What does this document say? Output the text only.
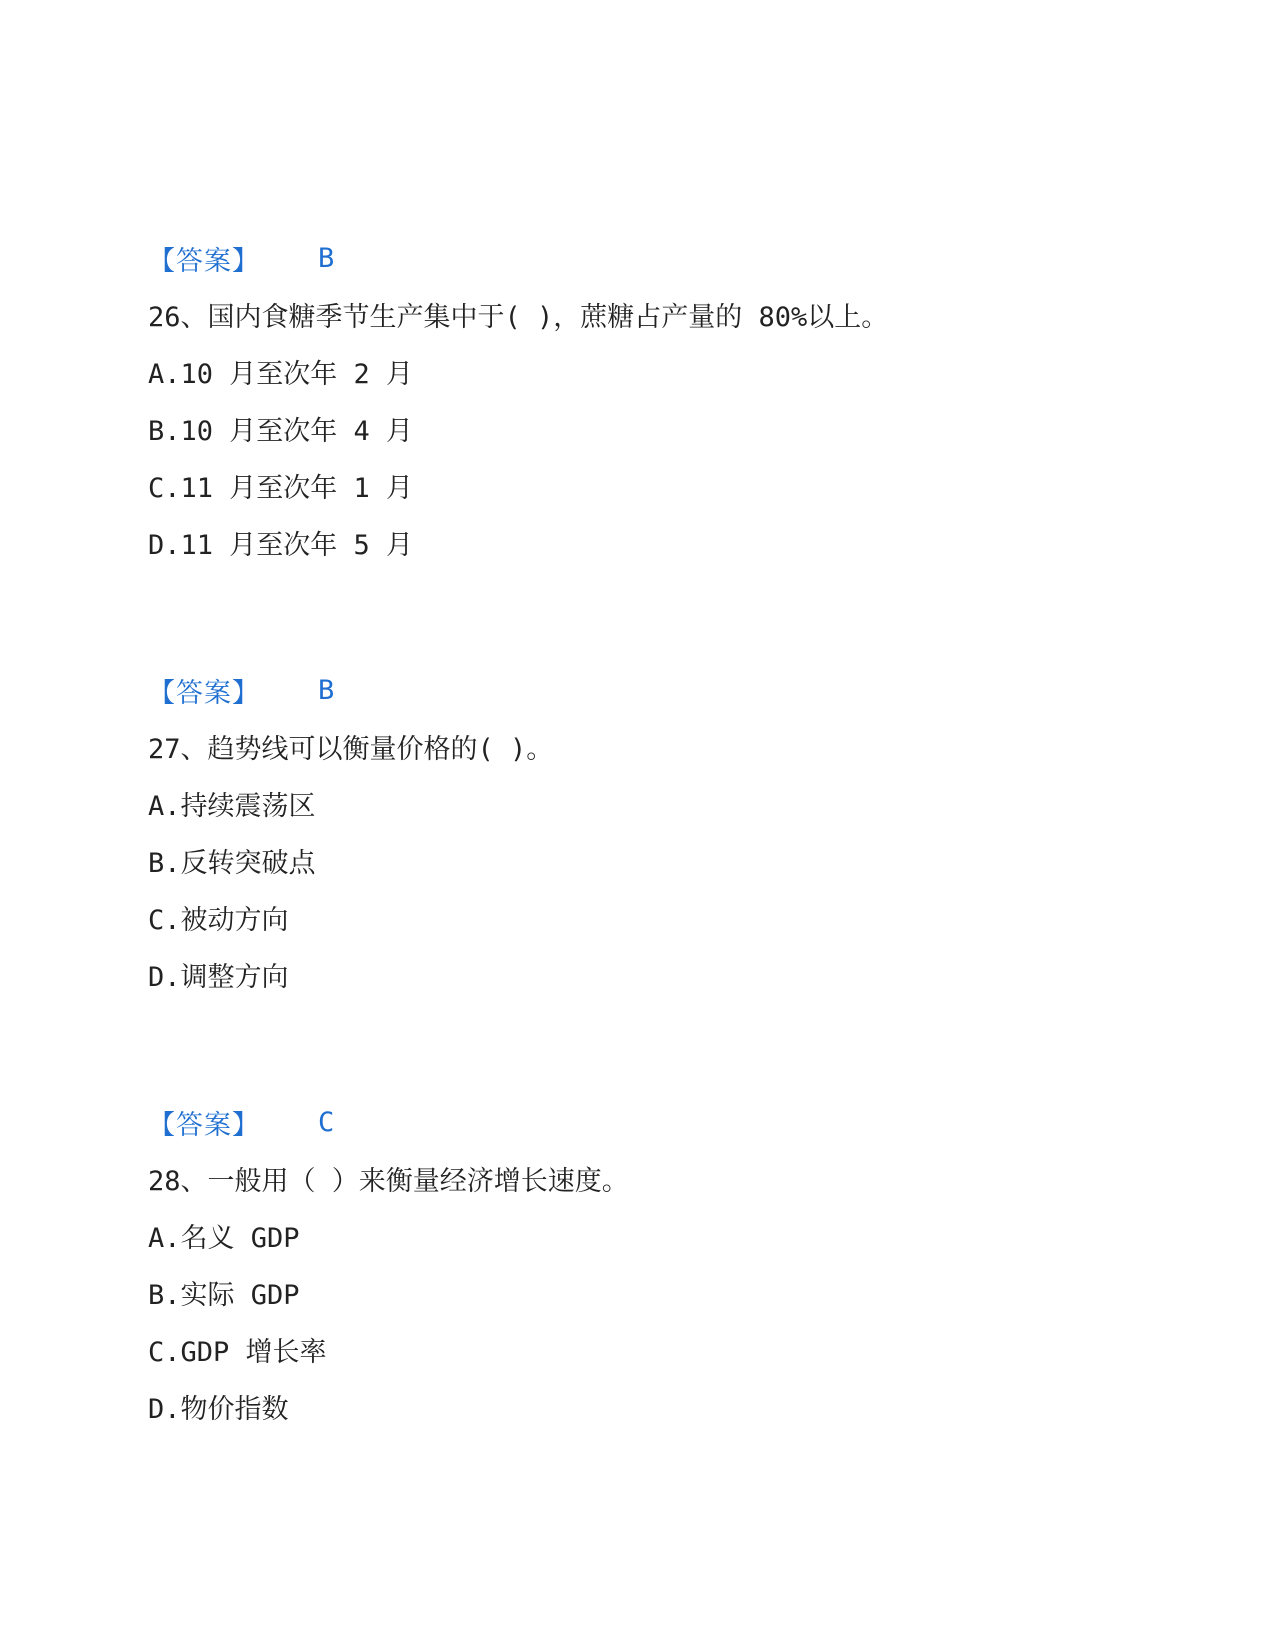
【答案】 B
26、国内食糖季节生产集中于( )，蔗糖占产量的 80%以上。
A.10 月至次年 2 月
B.10 月至次年 4 月
C.11 月至次年 1 月
D.11 月至次年 5 月
【答案】 B
27、趋势线可以衡量价格的( )。
A.持续震荡区
B.反转突破点
C.被动方向
D.调整方向
【答案】 C
28、一般用（ ）来衡量经济增长速度。
A.名义 GDP
B.实际 GDP
C.GDP 增长率
D.物价指数
